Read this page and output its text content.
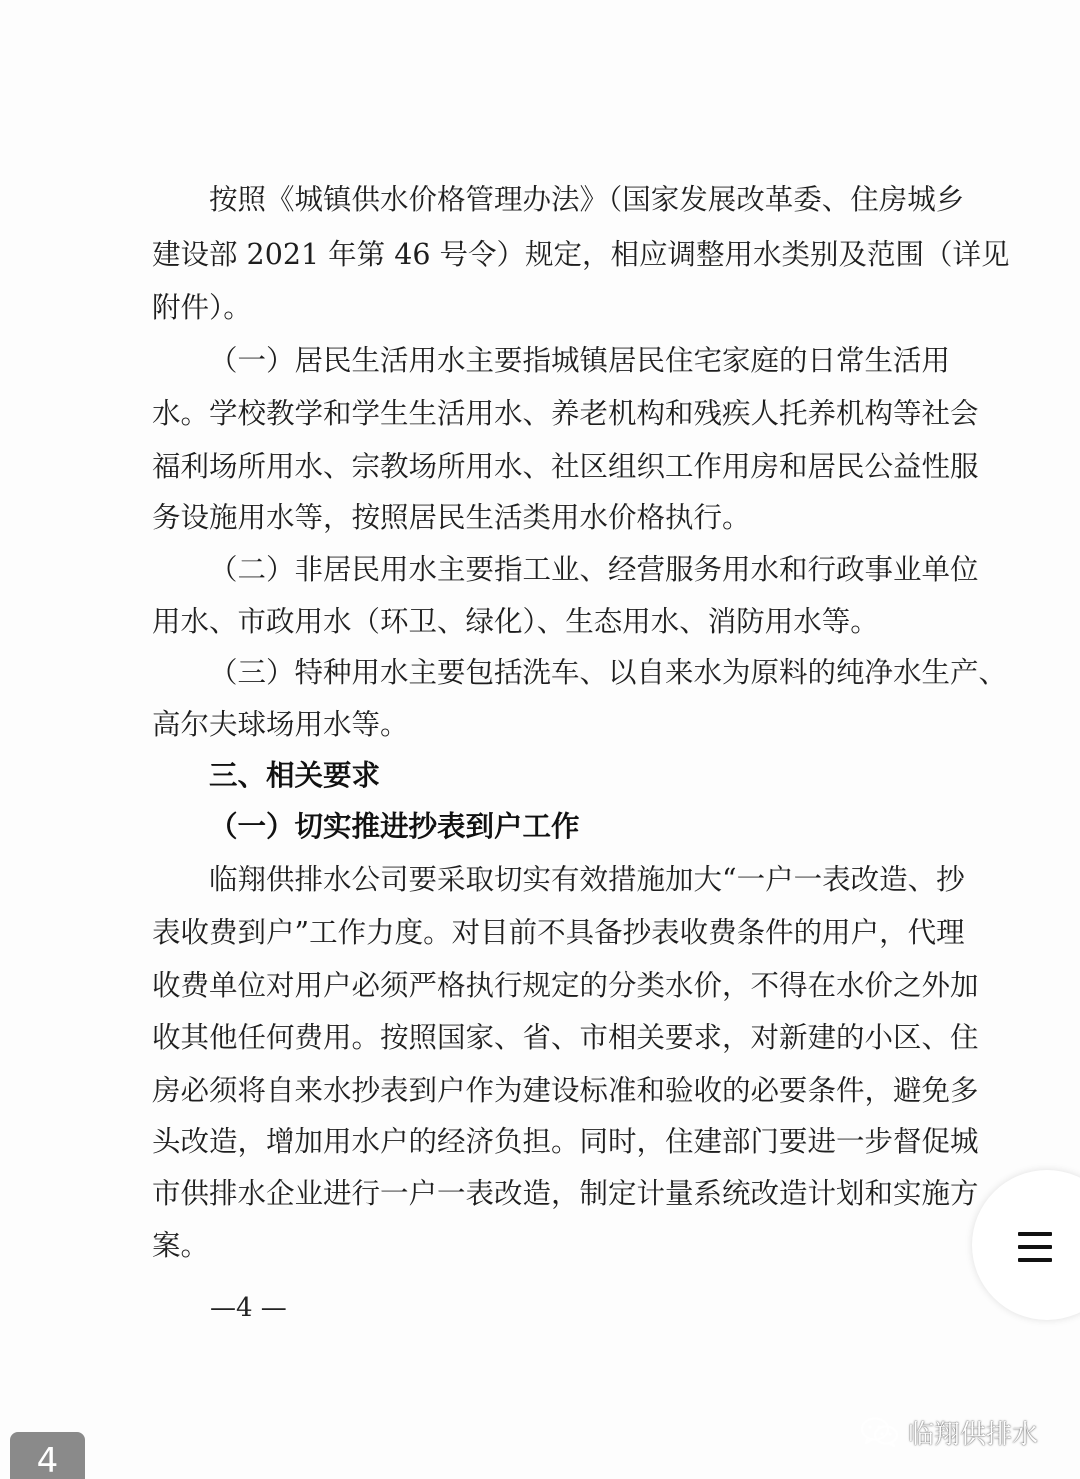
按照《城镇供水价格管理办法》（国家发展改革委、住房城乡
建设部 2021 年第 46 号令）规定，相应调整用水类别及范围（详见
附件）。
（一）居民生活用水主要指城镇居民住宅家庭的日常生活用
水。学校教学和学生生活用水、养老机构和残疾人托养机构等社会
福利场所用水、宗教场所用水、社区组织工作用房和居民公益性服
务设施用水等，按照居民生活类用水价格执行。
（二）非居民用水主要指工业、经营服务用水和行政事业单位
用水、市政用水（环卫、绿化）、生态用水、消防用水等。
（三）特种用水主要包括洗车、以自来水为原料的纯净水生产、
高尔夫球场用水等。
三、相关要求
（一）切实推进抄表到户工作
临翔供排水公司要采取切实有效措施加大“一户一表改造、抄
表收费到户”工作力度。对目前不具备抄表收费条件的用户，代理
收费单位对用户必须严格执行规定的分类水价，不得在水价之外加
收其他任何费用。按照国家、省、市相关要求，对新建的小区、住
房必须将自来水抄表到户作为建设标准和验收的必要条件，避免多
头改造，增加用水户的经济负担。同时，住建部门要进一步督促城
市供排水企业进行一户一表改造，制定计量系统改造计划和实施方
案。
—4 —
4
临翔供排水
